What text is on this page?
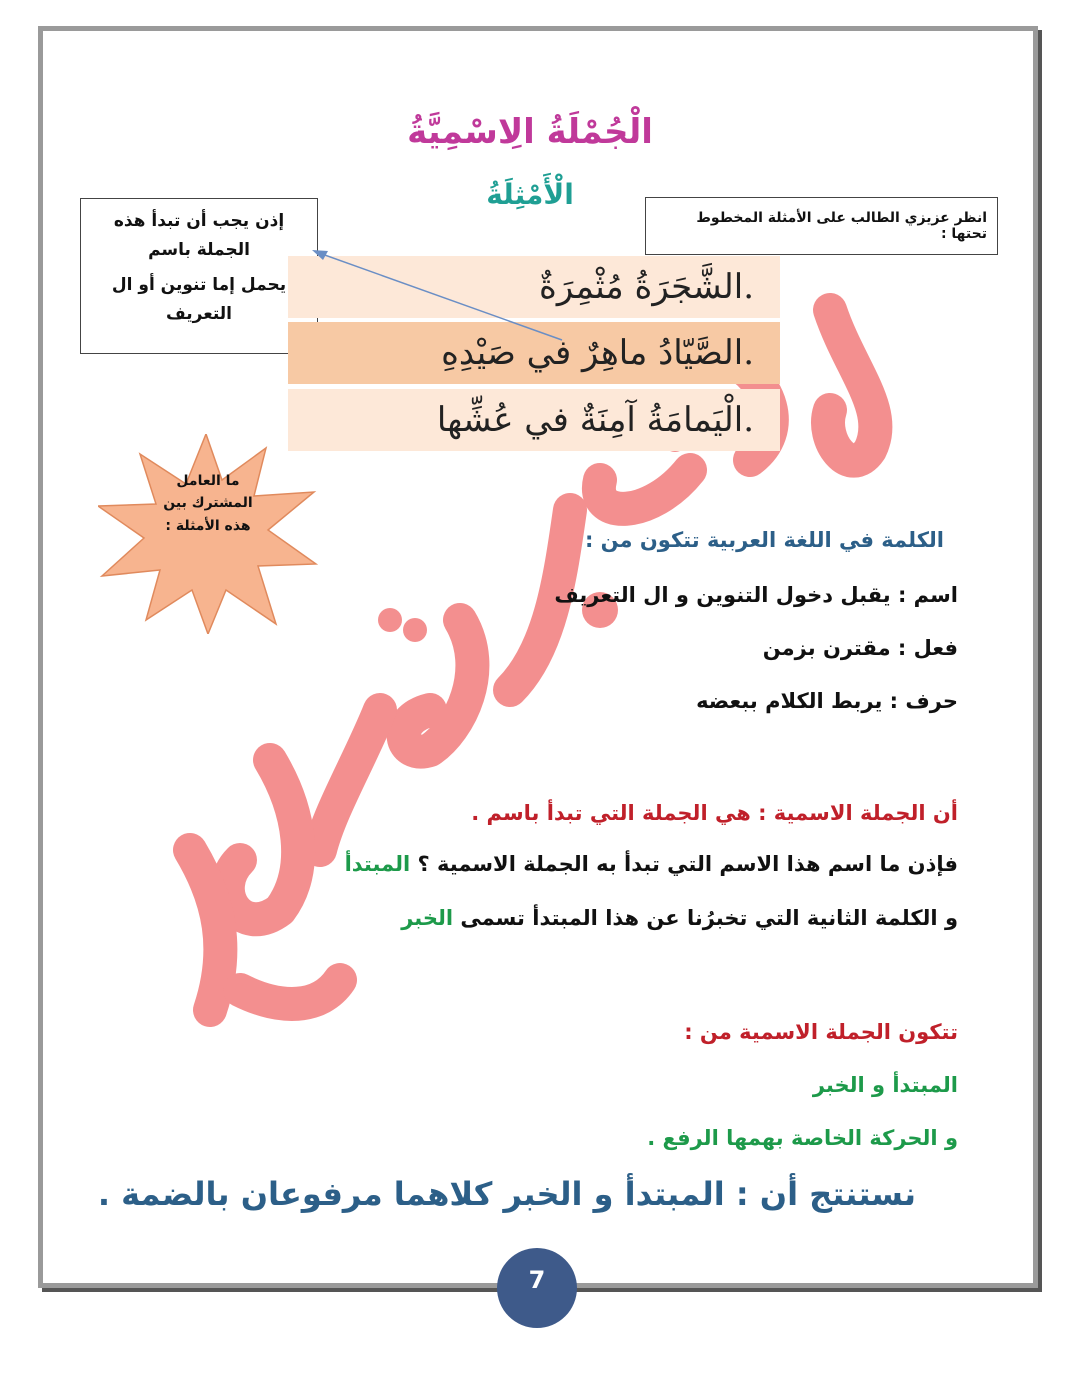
الْجُمْلَةُ الِاسْمِيَّةُ
الْأَمْثِلَةُ

إذن يجب أن تبدأ هذه الجملة باسم

يحمل إما تنوين أو ال التعريف

انظر عزيزي الطالب على الأمثلة المخطوط تحتها :
الشَّجَرَةُ مُثْمِرَةٌ.
الصَّيّادُ ماهِرٌ في صَيْدِهِ.
الْيَمامَةُ آمِنَةٌ في عُشِّها.
ما العامل المشترك بين هذه الأمثلة :
الكلمة في اللغة العربية تتكون من :
اسم : يقبل دخول التنوين و ال التعريف
فعل : مقترن بزمن
حرف : يربط الكلام ببعضه
أن الجملة الاسمية : هي الجملة التي تبدأ باسم .
فإذن ما اسم هذا الاسم التي تبدأ به الجملة الاسمية ؟ المبتدأ
و الكلمة الثانية التي تخبرُنا عن هذا المبتدأ تسمى الخبر
تتكون الجملة الاسمية من :
المبتدأ و الخبر
و الحركة الخاصة بهمها الرفع .
نستنتج أن : المبتدأ و الخبر كلاهما مرفوعان بالضمة .
7
